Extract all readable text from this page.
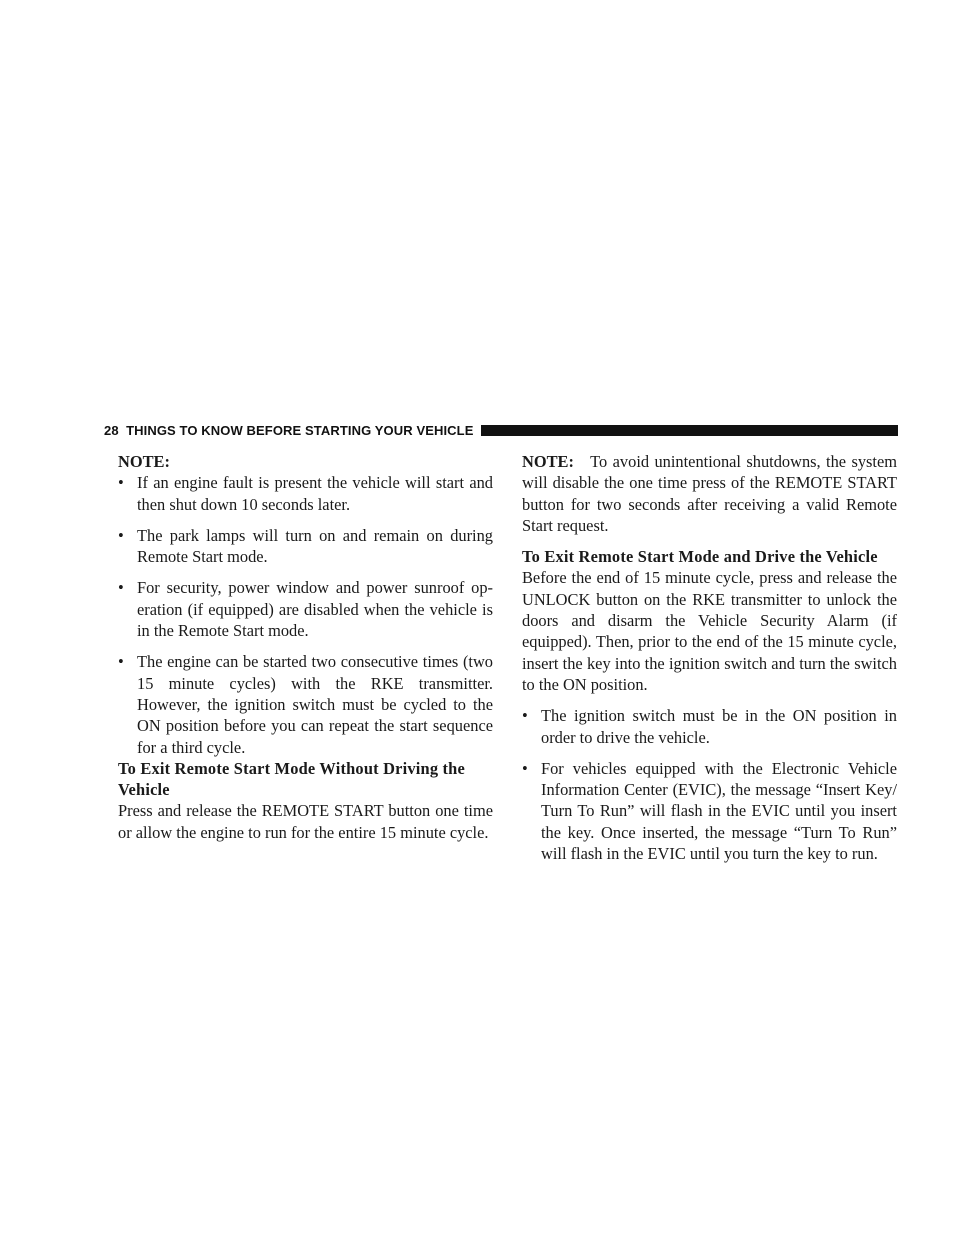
28 THINGS TO KNOW BEFORE STARTING YOUR VEHICLE

NOTE:

• If an engine fault is present the vehicle will start and then shut down 10 seconds later.
• The park lamps will turn on and remain on during Remote Start mode.
• For security, power window and power sunroof op-eration (if equipped) are disabled when the vehicle is in the Remote Start mode.
• The engine can be started two consecutive times (two 15 minute cycles) with the RKE transmitter. However, the ignition switch must be cycled to the ON position before you can repeat the start sequence for a third cycle.

To Exit Remote Start Mode Without Driving the Vehicle

Press and release the REMOTE START button one time or allow the engine to run for the entire 15 minute cycle.

NOTE: To avoid unintentional shutdowns, the system will disable the one time press of the REMOTE START button for two seconds after receiving a valid Remote Start request.

To Exit Remote Start Mode and Drive the Vehicle

Before the end of 15 minute cycle, press and release the UNLOCK button on the RKE transmitter to unlock the doors and disarm the Vehicle Security Alarm (if equipped). Then, prior to the end of the 15 minute cycle, insert the key into the ignition switch and turn the switch to the ON position.

• The ignition switch must be in the ON position in order to drive the vehicle.
• For vehicles equipped with the Electronic Vehicle Information Center (EVIC), the message “Insert Key/ Turn To Run” will flash in the EVIC until you insert the key. Once inserted, the message “Turn To Run” will flash in the EVIC until you turn the key to run.
